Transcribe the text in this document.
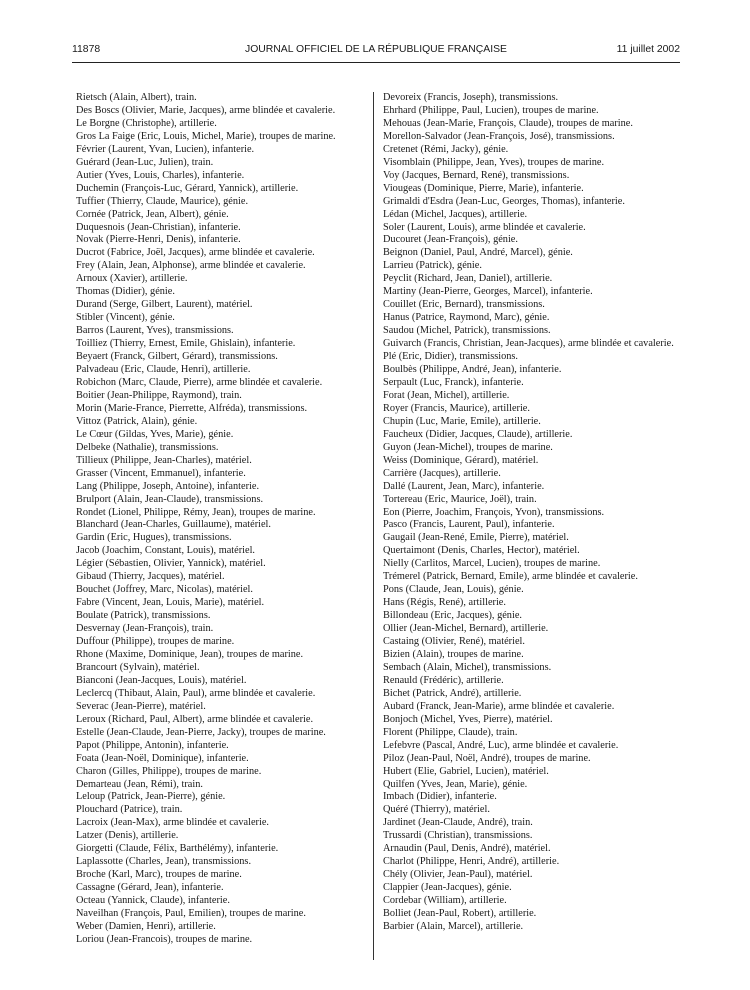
11878	JOURNAL OFFICIEL DE LA RÉPUBLIQUE FRANÇAISE	11 juillet 2002
Rietsch (Alain, Albert), train.
Des Boscs (Olivier, Marie, Jacques), arme blindée et cavalerie.
Le Borgne (Christophe), artillerie.
Gros La Faige (Eric, Louis, Michel, Marie), troupes de marine.
Février (Laurent, Yvan, Lucien), infanterie.
Guérard (Jean-Luc, Julien), train.
Autier (Yves, Louis, Charles), infanterie.
Duchemin (François-Luc, Gérard, Yannick), artillerie.
Tuffier (Thierry, Claude, Maurice), génie.
Cornée (Patrick, Jean, Albert), génie.
Duquesnois (Jean-Christian), infanterie.
Novak (Pierre-Henri, Denis), infanterie.
Ducrot (Fabrice, Joël, Jacques), arme blindée et cavalerie.
Frey (Alain, Jean, Alphonse), arme blindée et cavalerie.
Arnoux (Xavier), artillerie.
Thomas (Didier), génie.
Durand (Serge, Gilbert, Laurent), matériel.
Stibler (Vincent), génie.
Barros (Laurent, Yves), transmissions.
Toilliez (Thierry, Ernest, Emile, Ghislain), infanterie.
Beyaert (Franck, Gilbert, Gérard), transmissions.
Palvadeau (Eric, Claude, Henri), artillerie.
Robichon (Marc, Claude, Pierre), arme blindée et cavalerie.
Boitier (Jean-Philippe, Raymond), train.
Morin (Marie-France, Pierrette, Alfréda), transmissions.
Vittoz (Patrick, Alain), génie.
Le Cœur (Gildas, Yves, Marie), génie.
Delbeke (Nathalie), transmissions.
Tillieux (Philippe, Jean-Charles), matériel.
Grasser (Vincent, Emmanuel), infanterie.
Lang (Philippe, Joseph, Antoine), infanterie.
Brulport (Alain, Jean-Claude), transmissions.
Rondet (Lionel, Philippe, Rémy, Jean), troupes de marine.
Blanchard (Jean-Charles, Guillaume), matériel.
Gardin (Eric, Hugues), transmissions.
Jacob (Joachim, Constant, Louis), matériel.
Légier (Sébastien, Olivier, Yannick), matériel.
Gibaud (Thierry, Jacques), matériel.
Bouchet (Joffrey, Marc, Nicolas), matériel.
Fabre (Vincent, Jean, Louis, Marie), matériel.
Boulate (Patrick), transmissions.
Desvernay (Jean-François), train.
Duffour (Philippe), troupes de marine.
Rhone (Maxime, Dominique, Jean), troupes de marine.
Brancourt (Sylvain), matériel.
Bianconi (Jean-Jacques, Louis), matériel.
Leclercq (Thibaut, Alain, Paul), arme blindée et cavalerie.
Severac (Jean-Pierre), matériel.
Leroux (Richard, Paul, Albert), arme blindée et cavalerie.
Estelle (Jean-Claude, Jean-Pierre, Jacky), troupes de marine.
Papot (Philippe, Antonin), infanterie.
Foata (Jean-Noël, Dominique), infanterie.
Charon (Gilles, Philippe), troupes de marine.
Demarteau (Jean, Rémi), train.
Leloup (Patrick, Jean-Pierre), génie.
Plouchard (Patrice), train.
Lacroix (Jean-Max), arme blindée et cavalerie.
Latzer (Denis), artillerie.
Giorgetti (Claude, Félix, Barthélémy), infanterie.
Laplassotte (Charles, Jean), transmissions.
Broche (Karl, Marc), troupes de marine.
Cassagne (Gérard, Jean), infanterie.
Octeau (Yannick, Claude), infanterie.
Naveilhan (François, Paul, Emilien), troupes de marine.
Weber (Damien, Henri), artillerie.
Loriou (Jean-Francois), troupes de marine.
Devoreix (Francis, Joseph), transmissions.
Ehrhard (Philippe, Paul, Lucien), troupes de marine.
Mehouas (Jean-Marie, François, Claude), troupes de marine.
Morellon-Salvador (Jean-François, José), transmissions.
Cretenet (Rémi, Jacky), génie.
Visomblain (Philippe, Jean, Yves), troupes de marine.
Voy (Jacques, Bernard, René), transmissions.
Viougeas (Dominique, Pierre, Marie), infanterie.
Grimaldi d'Esdra (Jean-Luc, Georges, Thomas), infanterie.
Lédan (Michel, Jacques), artillerie.
Soler (Laurent, Louis), arme blindée et cavalerie.
Ducouret (Jean-François), génie.
Beignon (Daniel, Paul, André, Marcel), génie.
Larrieu (Patrick), génie.
Peyclit (Richard, Jean, Daniel), artillerie.
Martiny (Jean-Pierre, Georges, Marcel), infanterie.
Couillet (Eric, Bernard), transmissions.
Hanus (Patrice, Raymond, Marc), génie.
Saudou (Michel, Patrick), transmissions.
Guivarch (Francis, Christian, Jean-Jacques), arme blindée et cavalerie.
Plé (Eric, Didier), transmissions.
Boulbès (Philippe, André, Jean), infanterie.
Serpault (Luc, Franck), infanterie.
Forat (Jean, Michel), artillerie.
Royer (Francis, Maurice), artillerie.
Chupin (Luc, Marie, Emile), artillerie.
Faucheux (Didier, Jacques, Claude), artillerie.
Guyon (Jean-Michel), troupes de marine.
Weiss (Dominique, Gérard), matériel.
Carrière (Jacques), artillerie.
Dallé (Laurent, Jean, Marc), infanterie.
Tortereau (Eric, Maurice, Joël), train.
Eon (Pierre, Joachim, François, Yvon), transmissions.
Pasco (Francis, Laurent, Paul), infanterie.
Gaugail (Jean-René, Emile, Pierre), matériel.
Quertaimont (Denis, Charles, Hector), matériel.
Nielly (Carlitos, Marcel, Lucien), troupes de marine.
Trémerel (Patrick, Bernard, Emile), arme blindée et cavalerie.
Pons (Claude, Jean, Louis), génie.
Hans (Régis, René), artillerie.
Billondeau (Eric, Jacques), génie.
Ollier (Jean-Michel, Bernard), artillerie.
Castaing (Olivier, René), matériel.
Bizien (Alain), troupes de marine.
Sembach (Alain, Michel), transmissions.
Renauld (Frédéric), artillerie.
Bichet (Patrick, André), artillerie.
Aubard (Franck, Jean-Marie), arme blindée et cavalerie.
Bonjoch (Michel, Yves, Pierre), matériel.
Florent (Philippe, Claude), train.
Lefebvre (Pascal, André, Luc), arme blindée et cavalerie.
Piloz (Jean-Paul, Noël, André), troupes de marine.
Hubert (Elie, Gabriel, Lucien), matériel.
Quilfen (Yves, Jean, Marie), génie.
Imbach (Didier), infanterie.
Quéré (Thierry), matériel.
Jardinet (Jean-Claude, André), train.
Trussardi (Christian), transmissions.
Arnaudin (Paul, Denis, André), matériel.
Charlot (Philippe, Henri, André), artillerie.
Chély (Olivier, Jean-Paul), matériel.
Clappier (Jean-Jacques), génie.
Cordebar (William), artillerie.
Bolliet (Jean-Paul, Robert), artillerie.
Barbier (Alain, Marcel), artillerie.
